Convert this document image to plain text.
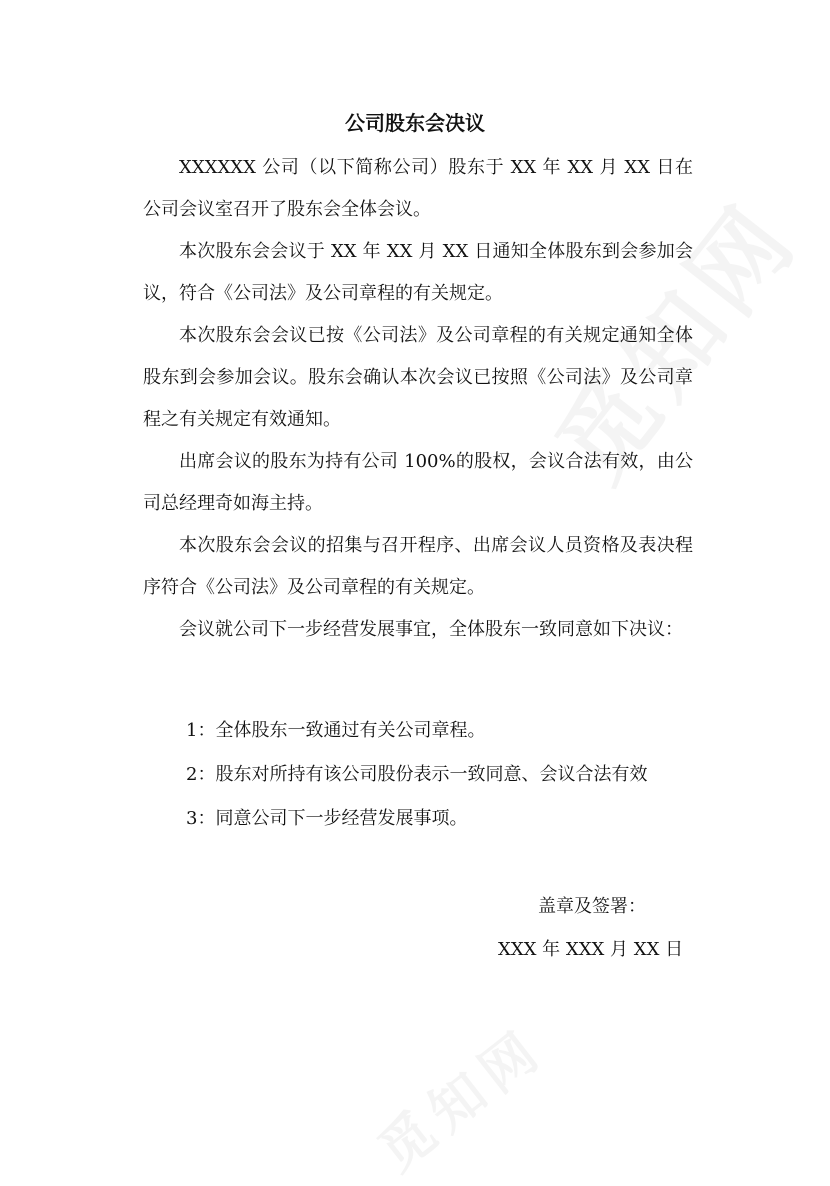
公司股东会决议

XXXXXX 公司（以下简称公司）股东于 XX 年 XX 月 XX 日在公司会议室召开了股东会全体会议。

本次股东会会议于 XX 年 XX 月 XX 日通知全体股东到会参加会议，符合《公司法》及公司章程的有关规定。

本次股东会会议已按《公司法》及公司章程的有关规定通知全体股东到会参加会议。股东会确认本次会议已按照《公司法》及公司章程之有关规定有效通知。

出席会议的股东为持有公司 100%的股权，会议合法有效，由公司总经理奇如海主持。

本次股东会会议的招集与召开程序、出席会议人员资格及表决程序符合《公司法》及公司章程的有关规定。

会议就公司下一步经营发展事宜，全体股东一致同意如下决议：

1：全体股东一致通过有关公司章程。
2：股东对所持有该公司股份表示一致同意、会议合法有效
3：同意公司下一步经营发展事项。
盖章及签署：
XXX 年 XXX 月 XX 日
